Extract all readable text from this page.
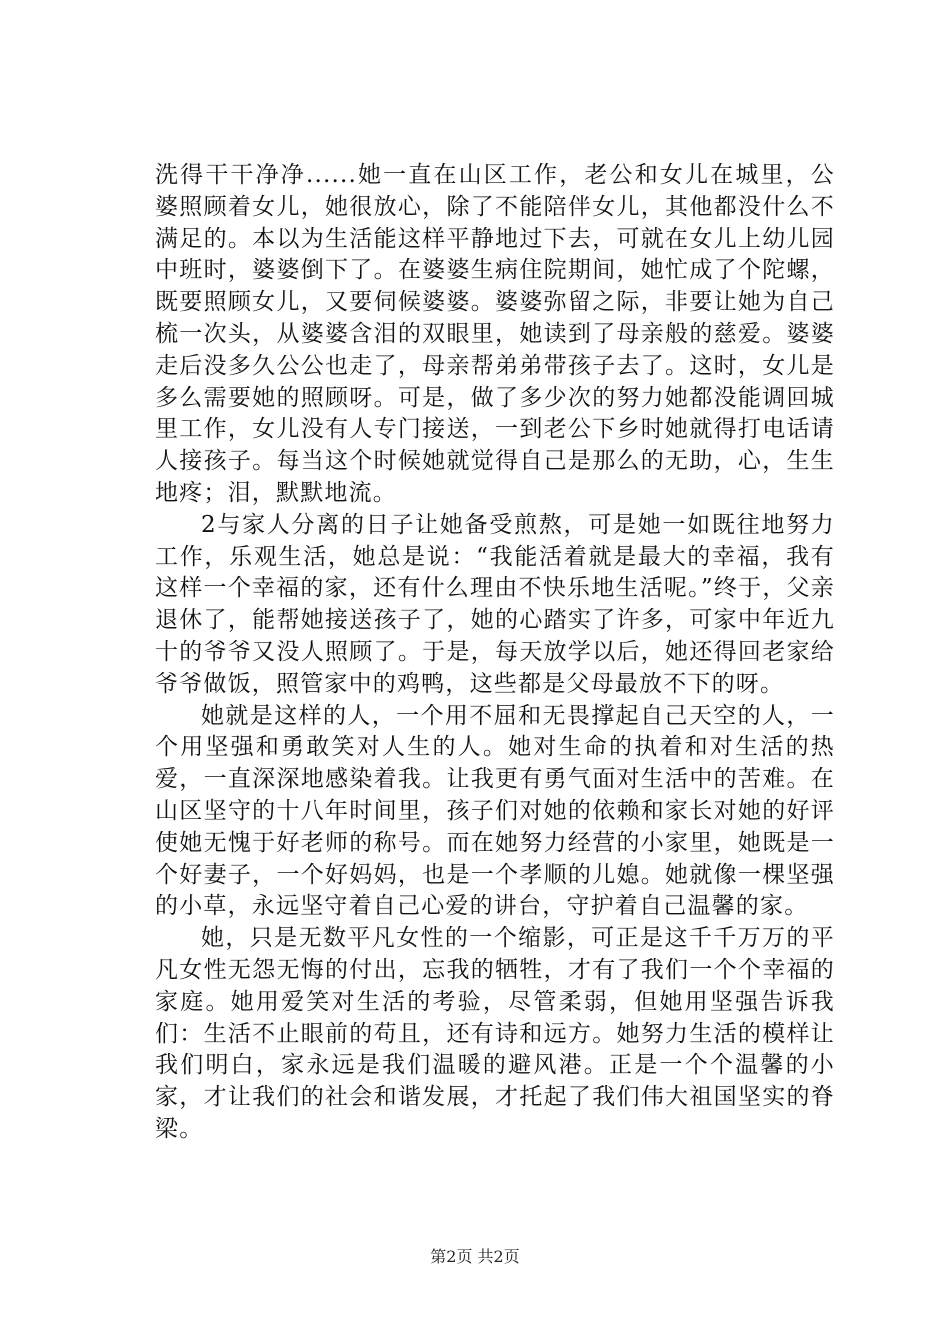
洗得干干净净......她一直在山区工作，老公和女儿在城里，公婆照顾着女儿，她很放心，除了不能陪伴女儿，其他都没什么不满足的。本以为生活能这样平静地过下去，可就在女儿上幼儿园中班时，婆婆倒下了。在婆婆生病住院期间，她忙成了个陀螺，既要照顾女儿，又要伺候婆婆。婆婆弥留之际，非要让她为自己梳一次头，从婆婆含泪的双眼里，她读到了母亲般的慈爱。婆婆走后没多久公公也走了，母亲帮弟弟带孩子去了。这时，女儿是多么需要她的照顾呀。可是，做了多少次的努力她都没能调回城里工作，女儿没有人专门接送，一到老公下乡时她就得打电话请人接孩子。每当这个时候她就觉得自己是那么的无助，心，生生地疼；泪，默默地流。

2与家人分离的日子让她备受煎熬，可是她一如既往地努力工作，乐观生活，她总是说：“我能活着就是最大的幸福，我有这样一个幸福的家，还有什么理由不快乐地生活呢。”终于，父亲退休了，能帮她接送孩子了，她的心踏实了许多，可家中年近九十的爷爷又没人照顾了。于是，每天放学以后，她还得回老家给爷爷做饭，照管家中的鸡鸭，这些都是父母最放不下的呀。

她就是这样的人，一个用不屈和无畏撑起自己天空的人，一个用坚强和勇敢笑对人生的人。她对生命的执着和对生活的热爱，一直深深地感染着我。让我更有勇气面对生活中的苦难。在山区坚守的十八年时间里，孩子们对她的依赖和家长对她的好评使她无愧于好老师的称号。而在她努力经营的小家里，她既是一个好妻子，一个好妈妈，也是一个孝顺的儿媳。她就像一棵坚强的小草，永远坚守着自己心爱的讲台，守护着自己温馨的家。

她，只是无数平凡女性的一个缩影，可正是这千千万万的平凡女性无怨无悔的付出，忘我的牺牲，才有了我们一个个幸福的家庭。她用爱笑对生活的考验，尽管柔弱，但她用坚强告诉我们：生活不止眼前的苟且，还有诗和远方。她努力生活的模样让我们明白，家永远是我们温暖的避风港。正是一个个温馨的小家，才让我们的社会和谐发展，才托起了我们伟大祖国坚实的脊梁。

第2页 共2页
